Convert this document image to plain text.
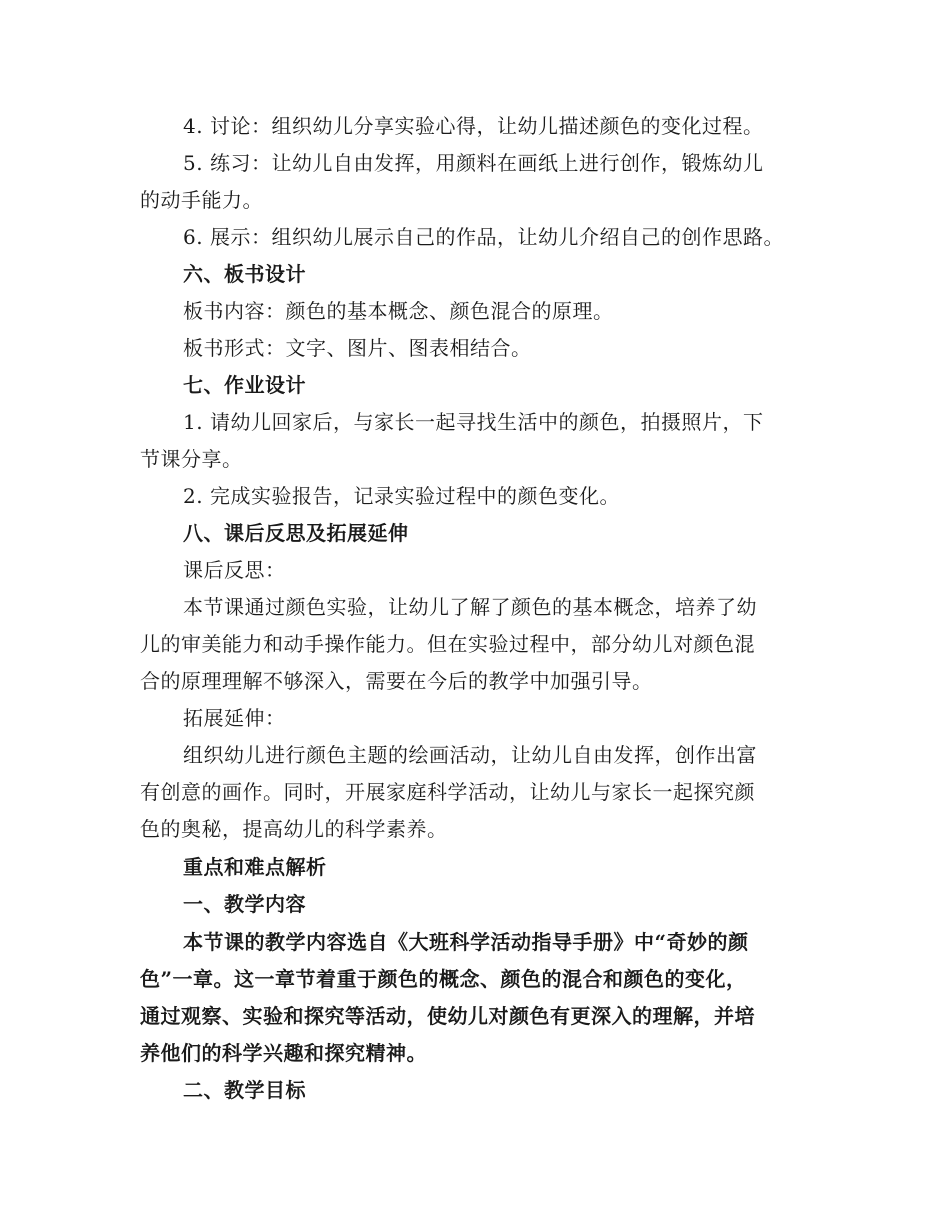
4. 讨论：组织幼儿分享实验心得，让幼儿描述颜色的变化过程。
5. 练习：让幼儿自由发挥，用颜料在画纸上进行创作，锻炼幼儿
的动手能力。
6. 展示：组织幼儿展示自己的作品，让幼儿介绍自己的创作思路。
六、板书设计
板书内容：颜色的基本概念、颜色混合的原理。
板书形式：文字、图片、图表相结合。
七、作业设计
1. 请幼儿回家后，与家长一起寻找生活中的颜色，拍摄照片，下
节课分享。
2. 完成实验报告，记录实验过程中的颜色变化。
八、课后反思及拓展延伸
课后反思：
本节课通过颜色实验，让幼儿了解了颜色的基本概念，培养了幼
儿的审美能力和动手操作能力。但在实验过程中，部分幼儿对颜色混
合的原理理解不够深入，需要在今后的教学中加强引导。
拓展延伸：
组织幼儿进行颜色主题的绘画活动，让幼儿自由发挥，创作出富
有创意的画作。同时，开展家庭科学活动，让幼儿与家长一起探究颜
色的奥秘，提高幼儿的科学素养。
重点和难点解析
一、教学内容
本节课的教学内容选自《大班科学活动指导手册》中“奇妙的颜
色”一章。这一章节着重于颜色的概念、颜色的混合和颜色的变化，
通过观察、实验和探究等活动，使幼儿对颜色有更深入的理解，并培
养他们的科学兴趣和探究精神。
二、教学目标
